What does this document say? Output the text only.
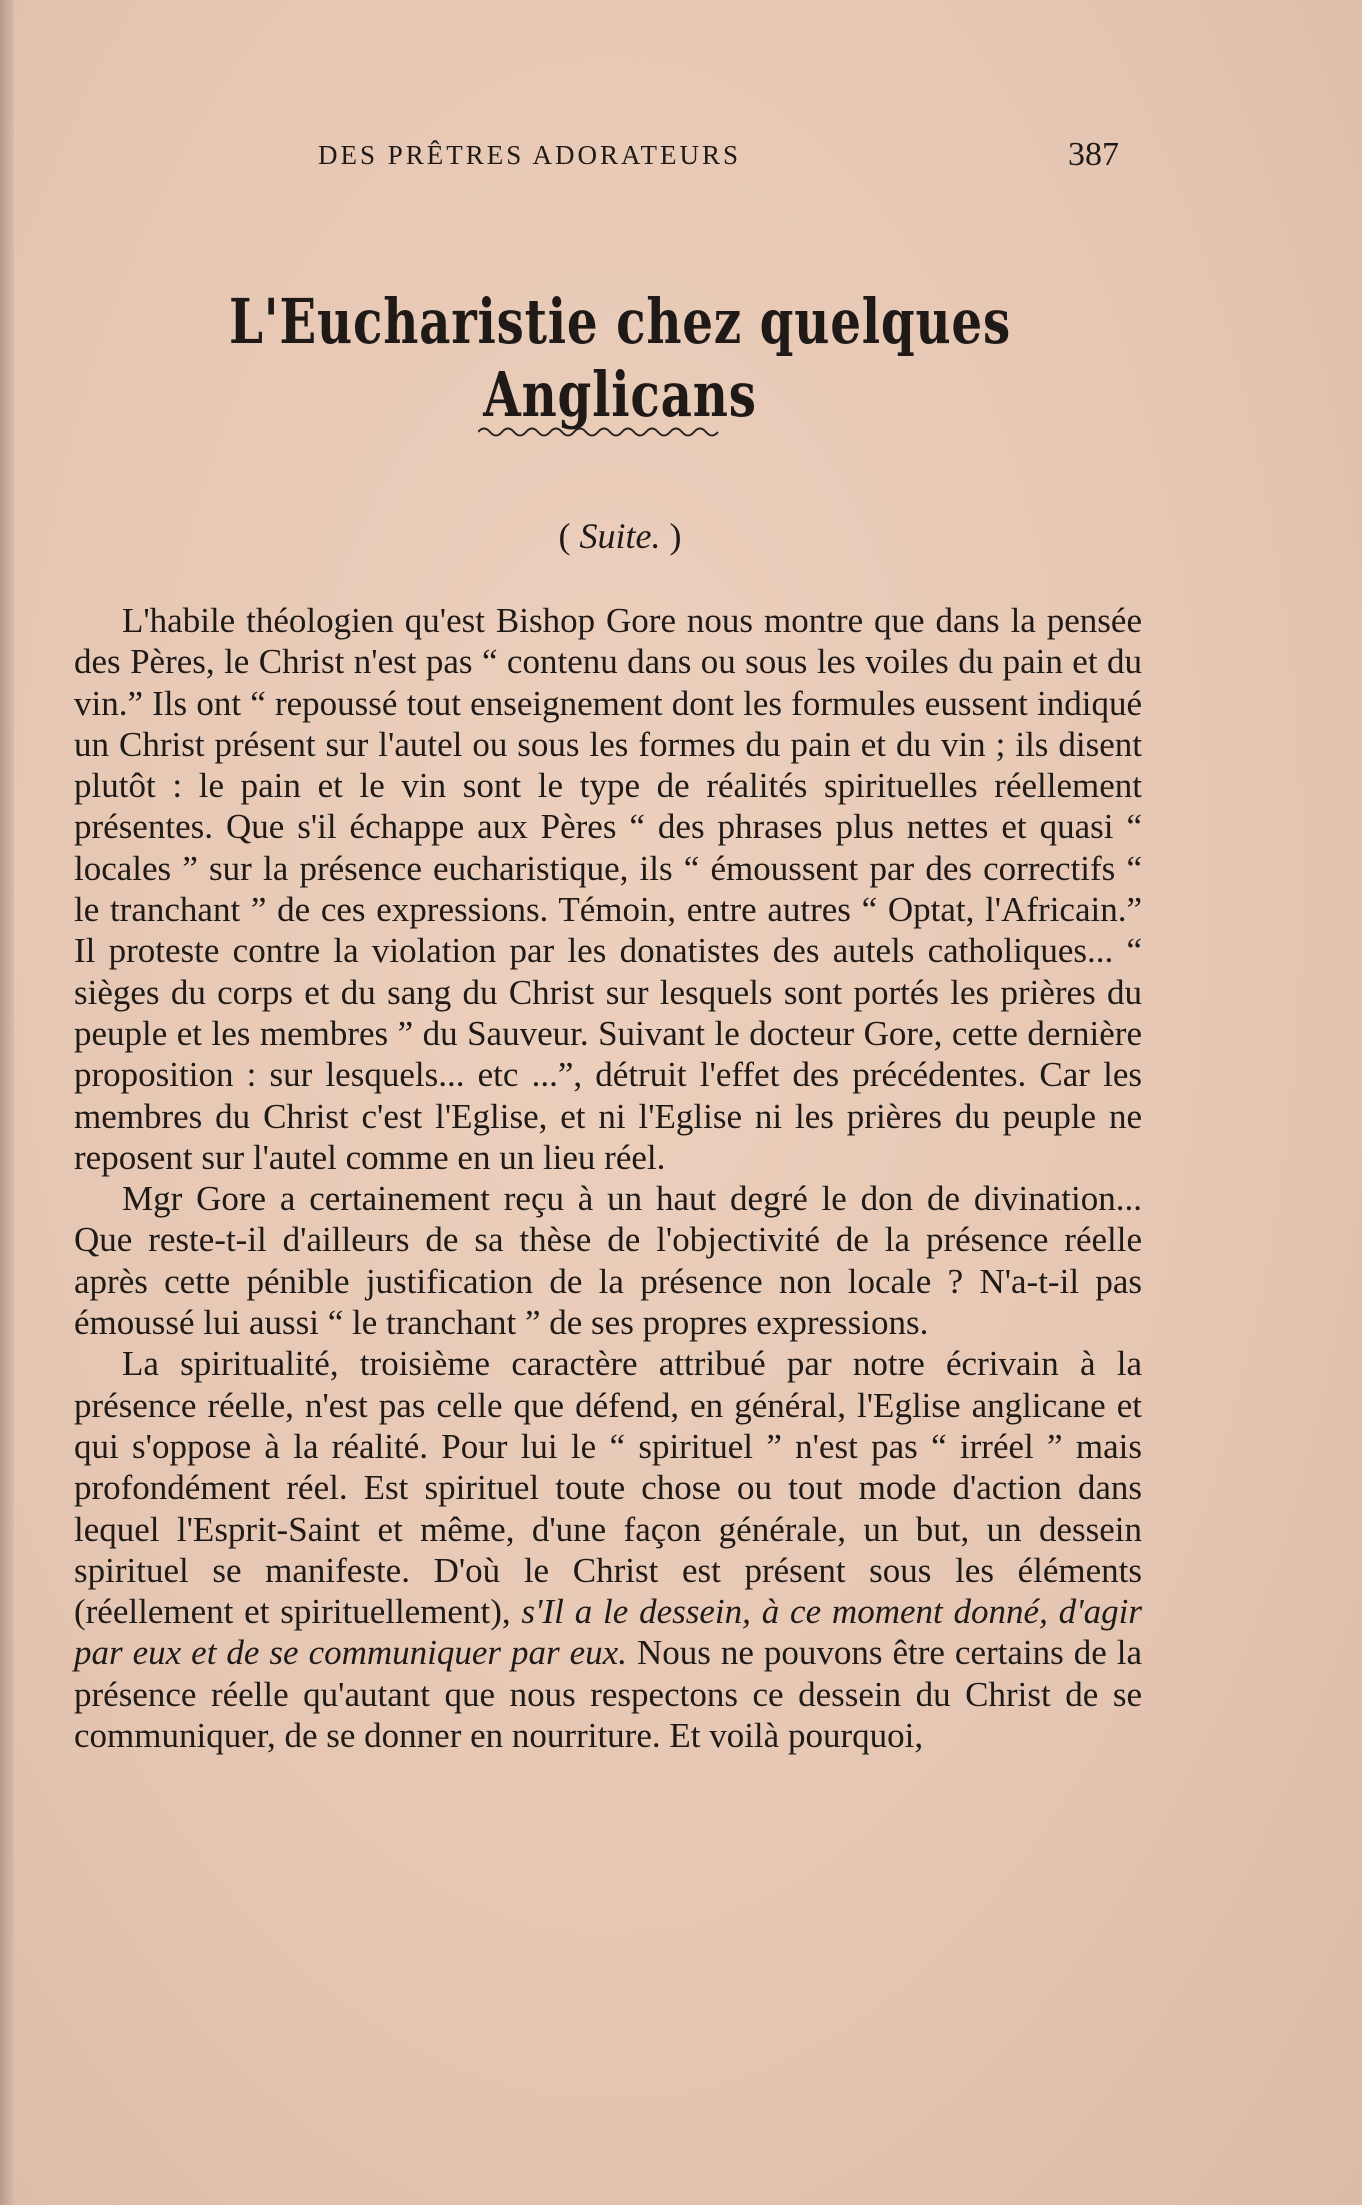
DES PRÊTRES ADORATEURS	387
L'Eucharistie chez quelques Anglicans
( Suite. )

L'habile théologien qu'est Bishop Gore nous montre que dans la pensée des Pères, le Christ n'est pas “ contenu dans ou sous les voiles du pain et du vin.” Ils ont “ repoussé tout enseignement dont les formules eussent indiqué un Christ présent sur l'autel ou sous les formes du pain et du vin ; ils disent plutôt : le pain et le vin sont le type de réalités spirituelles réellement présentes. Que s'il échappe aux Pères “ des phrases plus nettes et quasi “ locales ” sur la présence eucharistique, ils “ émoussent par des correctifs “ le tranchant ” de ces expressions. Témoin, entre autres “ Optat, l'Africain.” Il proteste contre la violation par les donatistes des autels catholiques... “ sièges du corps et du sang du Christ sur lesquels sont portés les prières du peuple et les membres ” du Sauveur. Suivant le docteur Gore, cette dernière proposition : sur lesquels... etc ...”, détruit l'effet des précédentes. Car les membres du Christ c'est l'Eglise, et ni l'Eglise ni les prières du peuple ne reposent sur l'autel comme en un lieu réel.

Mgr Gore a certainement reçu à un haut degré le don de divination... Que reste-t-il d'ailleurs de sa thèse de l'objectivité de la présence réelle après cette pénible justification de la présence non locale ? N'a-t-il pas émoussé lui aussi “ le tranchant ” de ses propres expressions.

La spiritualité, troisième caractère attribué par notre écrivain à la présence réelle, n'est pas celle que défend, en général, l'Eglise anglicane et qui s'oppose à la réalité. Pour lui le “ spirituel ” n'est pas “ irréel ” mais profondément réel. Est spirituel toute chose ou tout mode d'action dans lequel l'Esprit-Saint et même, d'une façon générale, un but, un dessein spirituel se manifeste. D'où le Christ est présent sous les éléments (réellement et spirituellement), s'Il a le dessein, à ce moment donné, d'agir par eux et de se communiquer par eux. Nous ne pouvons être certains de la présence réelle qu'autant que nous respectons ce dessein du Christ de se communiquer, de se donner en nourriture. Et voilà pourquoi,
